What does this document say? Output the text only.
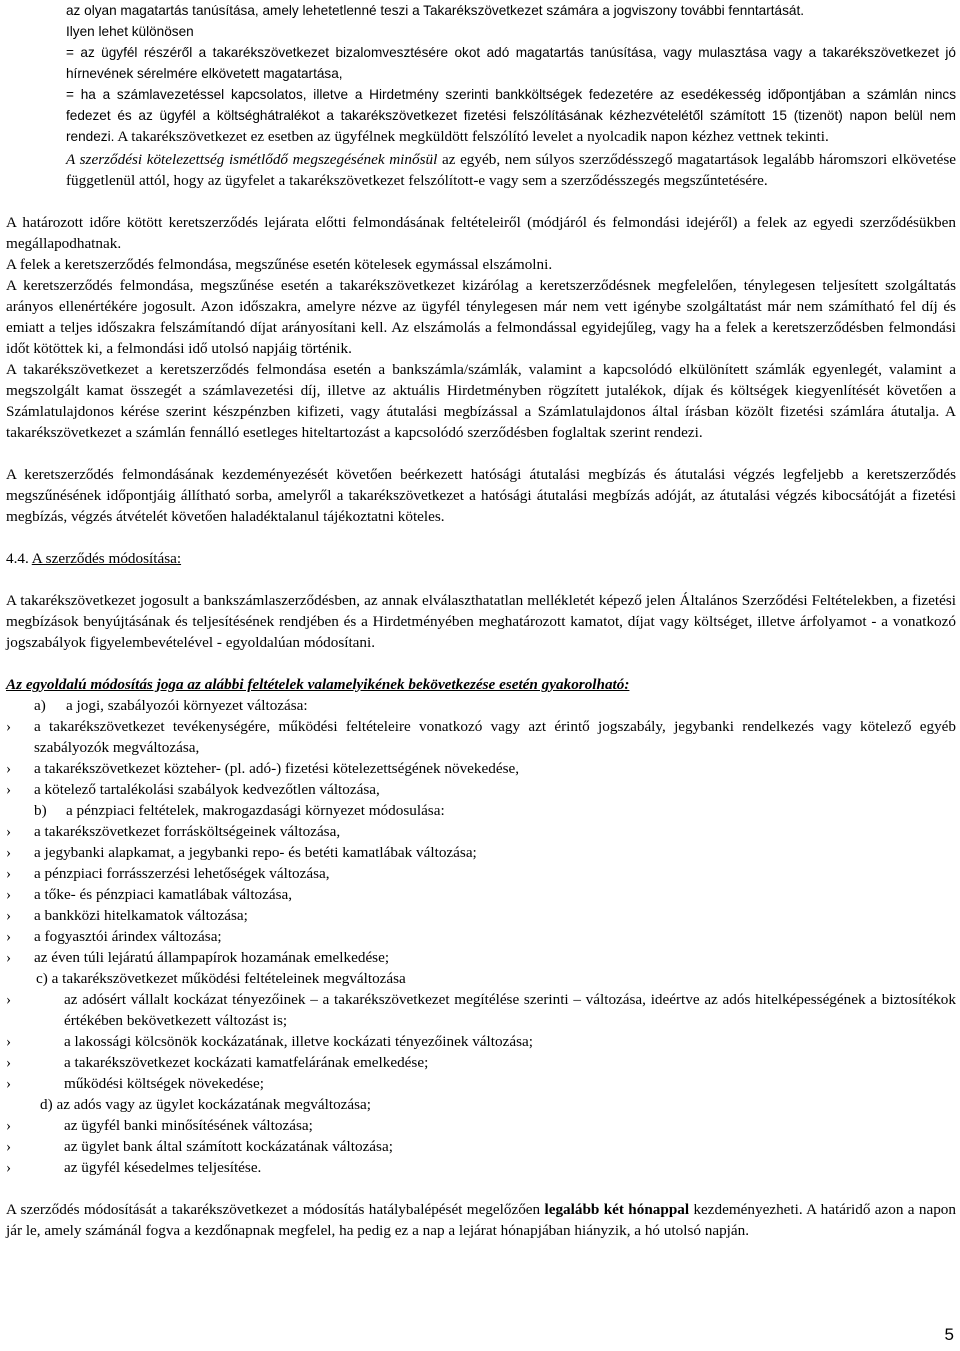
az olyan magatartás tanúsítása, amely lehetetlenné teszi a Takarékszövetkezet számára a jogviszony további fenntartását.

Ilyen lehet különösen

= az ügyfél részéről a takarékszövetkezet bizalomvesztésére okot adó magatartás tanúsítása, vagy mulasztása vagy a takarékszövetkezet jó hírnevének sérelmére elkövetett magatartása,

= ha a számlavezetéssel kapcsolatos, illetve a Hirdetmény szerinti bankköltségek fedezetére az esedékesség időpontjában a számlán nincs fedezet és az ügyfél a költséghátralékot a takarékszövetkezet fizetési felszólításának kézhezvételétől számított 15 (tizenöt) napon belül nem rendezi. A takarékszövetkezet ez esetben az ügyfélnek megküldött felszólító levelet a nyolcadik napon kézhez vettnek tekinti.

A szerződési kötelezettség ismétlődő megszegésének minősül az egyéb, nem súlyos szerződésszegő magatartások legalább háromszori elkövetése függetlenül attól, hogy az ügyfelet a takarékszövetkezet felszólított-e vagy sem a szerződésszegés megszűntetésére.

A határozott időre kötött keretszerződés lejárata előtti felmondásának feltételeiről (módjáról és felmondási idejéről) a felek az egyedi szerződésükben megállapodhatnak.

A felek a keretszerződés felmondása, megszűnése esetén kötelesek egymással elszámolni.

A keretszerződés felmondása, megszűnése esetén a takarékszövetkezet kizárólag a keretszerződésnek megfelelően, ténylegesen teljesített szolgáltatás arányos ellenértékére jogosult. Azon időszakra, amelyre nézve az ügyfél ténylegesen már nem vett igénybe szolgáltatást már nem számítható fel díj és emiatt a teljes időszakra felszámítandó díjat arányosítani kell. Az elszámolás a felmondással egyidejűleg, vagy ha a felek a keretszerződésben felmondási időt kötöttek ki, a felmondási idő utolsó napjáig történik.

A takarékszövetkezet a keretszerződés felmondása esetén a bankszámla/számlák, valamint a kapcsolódó elkülönített számlák egyenlegét, valamint a megszolgált kamat összegét a számlavezetési díj, illetve az aktuális Hirdetményben rögzített jutalékok, díjak és költségek kiegyenlítését követően a Számlatulajdonos kérése szerint készpénzben kifizeti, vagy átutalási megbízással a Számlatulajdonos által írásban közölt fizetési számlára átutalja. A takarékszövetkezet a számlán fennálló esetleges hiteltartozást a kapcsolódó szerződésben foglaltak szerint rendezi.

A keretszerződés felmondásának kezdeményezését követően beérkezett hatósági átutalási megbízás és átutalási végzés legfeljebb a keretszerződés megszűnésének időpontjáig állítható sorba, amelyről a takarékszövetkezet a hatósági átutalási megbízás adóját, az átutalási végzés kibocsátóját a fizetési megbízás, végzés átvételét követően haladéktalanul tájékoztatni köteles.

4.4. A szerződés módosítása:

A takarékszövetkezet jogosult a bankszámlaszerződésben, az annak elválaszthatatlan mellékletét képező jelen Általános Szerződési Feltételekben, a fizetési megbízások benyújtásának és teljesítésének rendjében és a Hirdetményében meghatározott kamatot, díjat vagy költséget, illetve árfolyamot - a vonatkozó jogszabályok figyelembevételével - egyoldalúan módosítani.

Az egyoldalú módosítás joga az alábbi feltételek valamelyikének bekövetkezése esetén gyakorolható:

a)	a jogi, szabályozói környezet változása:
›	a takarékszövetkezet tevékenységére, működési feltételeire vonatkozó vagy azt érintő jogszabály, jegybanki rendelkezés vagy kötelező egyéb szabályozók megváltozása,
›	a takarékszövetkezet közteher- (pl. adó-) fizetési kötelezettségének növekedése,
›	a kötelező tartalékolási szabályok kedvezőtlen változása,
b)	a pénzpiaci feltételek, makrogazdasági környezet módosulása:
›	a takarékszövetkezet forrásköltségeinek változása,
›	a jegybanki alapkamat, a jegybanki repo- és betéti kamatlábak változása;
›	a pénzpiaci forrásszerzési lehetőségek változása,
›	a tőke- és pénzpiaci kamatlábak változása,
›	a bankközi hitelkamatok változása;
›	a fogyasztói árindex változása;
›	az éven túli lejáratú állampapírok hozamának emelkedése;

c) a takarékszövetkezet működési feltételeinek megváltozása

›	az adósért vállalt kockázat tényezőinek – a takarékszövetkezet megítélése szerinti – változása, ideértve az adós hitelképességének a biztosítékok értékében bekövetkezett változást is;
›	a lakossági kölcsönök kockázatának, illetve kockázati tényezőinek változása;
›	a takarékszövetkezet kockázati kamatfelárának emelkedése;
›	működési költségek növekedése;

d) az adós vagy az ügylet kockázatának megváltozása;

›	az ügyfél banki minősítésének változása;
›	az ügylet bank által számított kockázatának változása;
›	az ügyfél késedelmes teljesítése.

A szerződés módosítását a takarékszövetkezet a módosítás hatálybalépését megelőzően legalább két hónappal kezdeményezheti. A határidő azon a napon jár le, amely számánál fogva a kezdőnapnak megfelel, ha pedig ez a nap a lejárat hónapjában hiányzik, a hó utolsó napján.

5
